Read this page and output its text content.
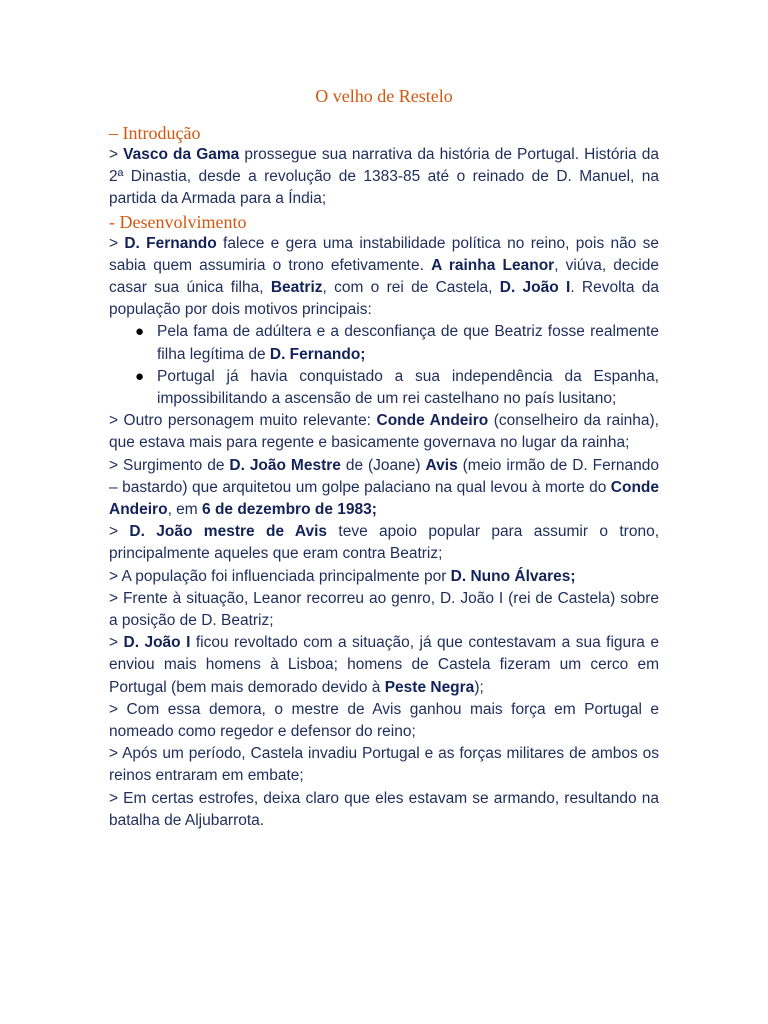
O velho de Restelo
– Introdução

> Vasco da Gama prossegue sua narrativa da história de Portugal. História da 2ª Dinastia, desde a revolução de 1383-85 até o reinado de D. Manuel, na partida da Armada para a Índia;

- Desenvolvimento

> D. Fernando falece e gera uma instabilidade política no reino, pois não se sabia quem assumiria o trono efetivamente. A rainha Leanor, viúva, decide casar sua única filha, Beatriz, com o rei de Castela, D. João I. Revolta da população por dois motivos principais:

● Pela fama de adúltera e a desconfiança de que Beatriz fosse realmente filha legítima de D. Fernando;
● Portugal já havia conquistado a sua independência da Espanha, impossibilitando a ascensão de um rei castelhano no país lusitano;

> Outro personagem muito relevante: Conde Andeiro (conselheiro da rainha), que estava mais para regente e basicamente governava no lugar da rainha;

> Surgimento de D. João Mestre de (Joane) Avis (meio irmão de D. Fernando – bastardo) que arquitetou um golpe palaciano na qual levou à morte do Conde Andeiro, em 6 de dezembro de 1983;

> D. João mestre de Avis teve apoio popular para assumir o trono, principalmente aqueles que eram contra Beatriz;

> A população foi influenciada principalmente por D. Nuno Álvares;

> Frente à situação, Leanor recorreu ao genro, D. João I (rei de Castela) sobre a posição de D. Beatriz;

> D. João I ficou revoltado com a situação, já que contestavam a sua figura e enviou mais homens à Lisboa; homens de Castela fizeram um cerco em Portugal (bem mais demorado devido à Peste Negra);

> Com essa demora, o mestre de Avis ganhou mais força em Portugal e nomeado como regedor e defensor do reino;

> Após um período, Castela invadiu Portugal e as forças militares de ambos os reinos entraram em embate;

> Em certas estrofes, deixa claro que eles estavam se armando, resultando na batalha de Aljubarrota.
